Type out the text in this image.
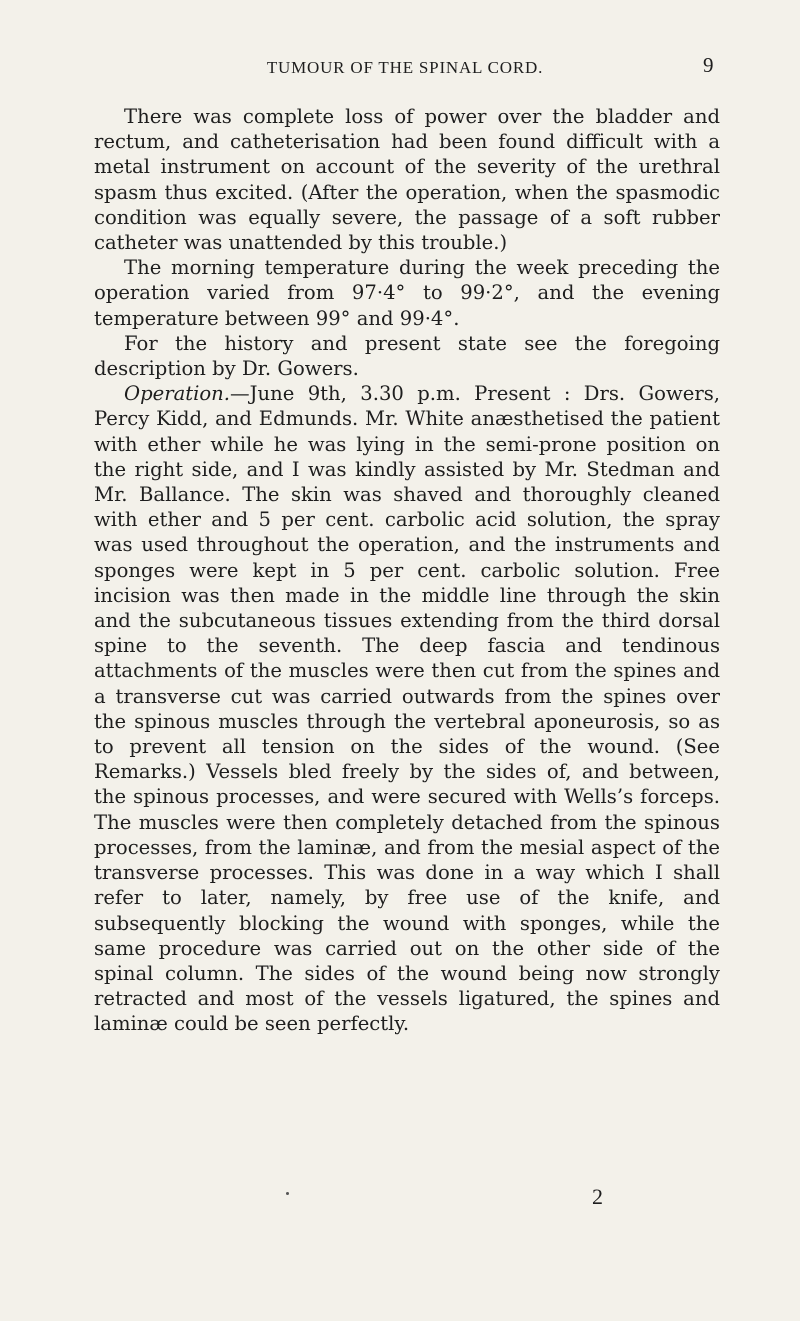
TUMOUR OF THE SPINAL CORD.	9

There was complete loss of power over the bladder and rectum, and catheterisation had been found difficult with a metal instrument on account of the severity of the urethral spasm thus excited. (After the operation, when the spasmodic condition was equally severe, the passage of a soft rubber catheter was unattended by this trouble.)

The morning temperature during the week preceding the operation varied from 97·4° to 99·2°, and the evening temperature between 99° and 99·4°.

For the history and present state see the foregoing description by Dr. Gowers.

Operation.—June 9th, 3.30 p.m. Present : Drs. Gowers, Percy Kidd, and Edmunds. Mr. White anæsthetised the patient with ether while he was lying in the semi-prone position on the right side, and I was kindly assisted by Mr. Stedman and Mr. Ballance. The skin was shaved and thoroughly cleaned with ether and 5 per cent. carbolic acid solution, the spray was used throughout the operation, and the instruments and sponges were kept in 5 per cent. carbolic solution. Free incision was then made in the middle line through the skin and the subcutaneous tissues extending from the third dorsal spine to the seventh. The deep fascia and tendinous attachments of the muscles were then cut from the spines and a transverse cut was carried outwards from the spines over the spinous muscles through the vertebral aponeurosis, so as to prevent all tension on the sides of the wound. (See Remarks.) Vessels bled freely by the sides of, and between, the spinous processes, and were secured with Wells’s forceps. The muscles were then completely detached from the spinous processes, from the laminæ, and from the mesial aspect of the transverse processes. This was done in a way which I shall refer to later, namely, by free use of the knife, and subsequently blocking the wound with sponges, while the same procedure was carried out on the other side of the spinal column. The sides of the wound being now strongly retracted and most of the vessels ligatured, the spines and laminæ could be seen perfectly.

2
